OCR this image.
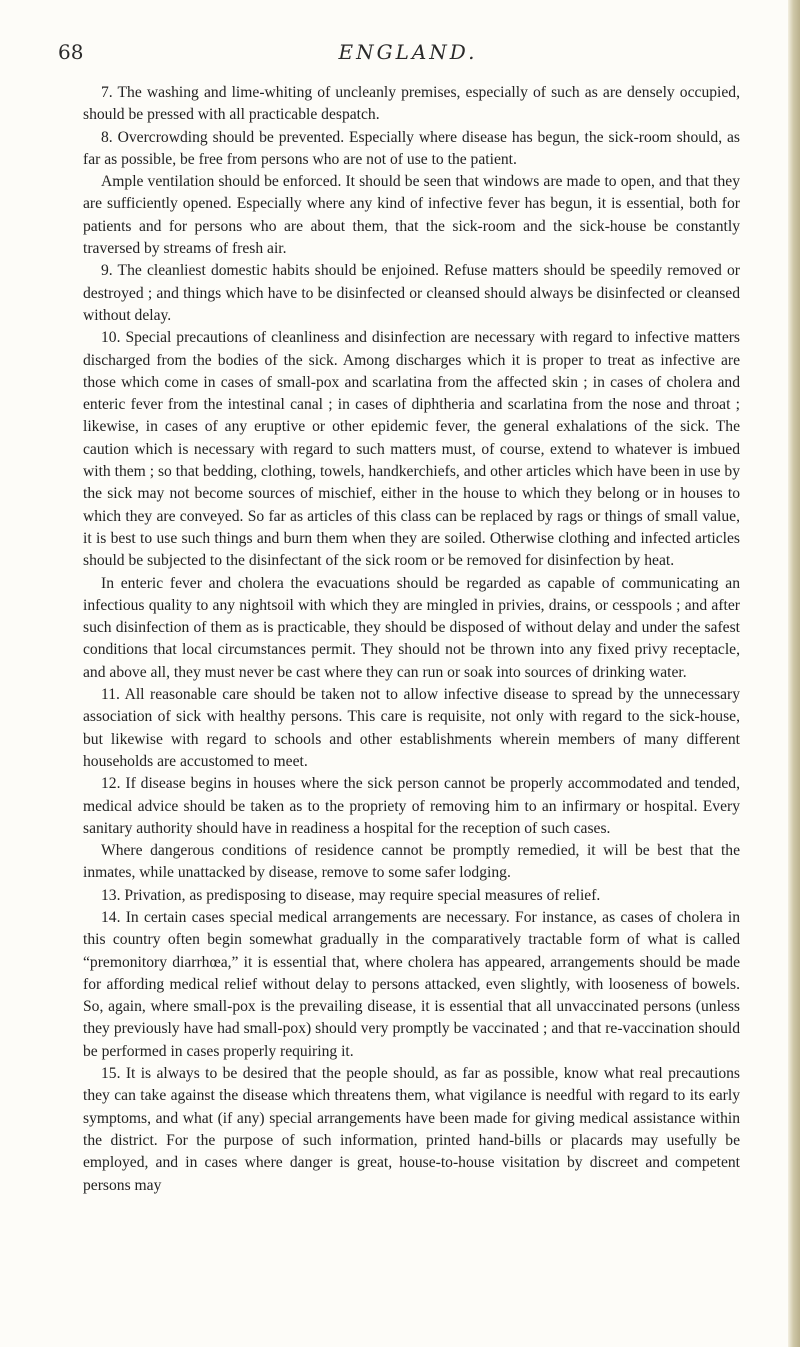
68	ENGLAND.

7. The washing and lime-whiting of uncleanly premises, especially of such as are densely occupied, should be pressed with all practicable despatch.

8. Overcrowding should be prevented. Especially where disease has begun, the sick-room should, as far as possible, be free from persons who are not of use to the patient.

Ample ventilation should be enforced. It should be seen that windows are made to open, and that they are sufficiently opened. Especially where any kind of infective fever has begun, it is essential, both for patients and for persons who are about them, that the sick-room and the sick-house be constantly traversed by streams of fresh air.

9. The cleanliest domestic habits should be enjoined. Refuse matters should be speedily removed or destroyed ; and things which have to be disinfected or cleansed should always be disinfected or cleansed without delay.

10. Special precautions of cleanliness and disinfection are necessary with regard to infective matters discharged from the bodies of the sick. Among discharges which it is proper to treat as infective are those which come in cases of small-pox and scarlatina from the affected skin ; in cases of cholera and enteric fever from the intestinal canal ; in cases of diphtheria and scarlatina from the nose and throat ; likewise, in cases of any eruptive or other epidemic fever, the general exhalations of the sick. The caution which is necessary with regard to such matters must, of course, extend to whatever is imbued with them ; so that bedding, clothing, towels, handkerchiefs, and other articles which have been in use by the sick may not become sources of mischief, either in the house to which they belong or in houses to which they are conveyed. So far as articles of this class can be replaced by rags or things of small value, it is best to use such things and burn them when they are soiled. Otherwise clothing and infected articles should be subjected to the disinfectant of the sick room or be removed for disinfection by heat.

In enteric fever and cholera the evacuations should be regarded as capable of communicating an infectious quality to any nightsoil with which they are mingled in privies, drains, or cesspools ; and after such disinfection of them as is practicable, they should be disposed of without delay and under the safest conditions that local circumstances permit. They should not be thrown into any fixed privy receptacle, and above all, they must never be cast where they can run or soak into sources of drinking water.

11. All reasonable care should be taken not to allow infective disease to spread by the unnecessary association of sick with healthy persons. This care is requisite, not only with regard to the sick-house, but likewise with regard to schools and other establishments wherein members of many different households are accustomed to meet.

12. If disease begins in houses where the sick person cannot be properly accommodated and tended, medical advice should be taken as to the propriety of removing him to an infirmary or hospital. Every sanitary authority should have in readiness a hospital for the reception of such cases.

Where dangerous conditions of residence cannot be promptly remedied, it will be best that the inmates, while unattacked by disease, remove to some safer lodging.

13. Privation, as predisposing to disease, may require special measures of relief.

14. In certain cases special medical arrangements are necessary. For instance, as cases of cholera in this country often begin somewhat gradually in the comparatively tractable form of what is called “premonitory diarrhœa,” it is essential that, where cholera has appeared, arrangements should be made for affording medical relief without delay to persons attacked, even slightly, with looseness of bowels. So, again, where small-pox is the prevailing disease, it is essential that all unvaccinated persons (unless they previously have had small-pox) should very promptly be vaccinated ; and that re-vaccination should be performed in cases properly requiring it.

15. It is always to be desired that the people should, as far as possible, know what real precautions they can take against the disease which threatens them, what vigilance is needful with regard to its early symptoms, and what (if any) special arrangements have been made for giving medical assistance within the district. For the purpose of such information, printed hand-bills or placards may usefully be employed, and in cases where danger is great, house-to-house visitation by discreet and competent persons may
